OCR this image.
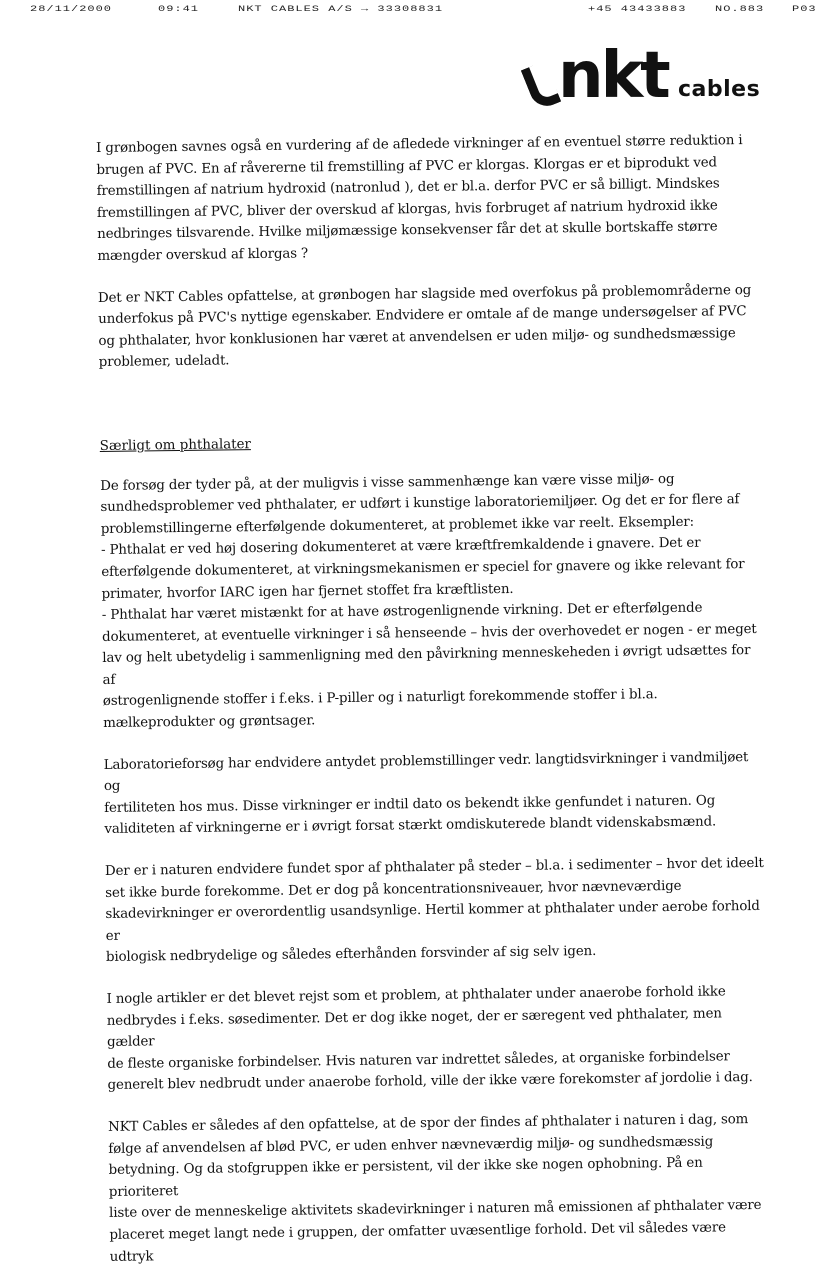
28/11/2000	09:41	NKT CABLES A/S → 33308831	+45 43433883 NO.883 P03
nkt cables

I grønbogen savnes også en vurdering af de afledede virkninger af en eventuel større reduktion i
brugen af PVC. En af råvererne til fremstilling af PVC er klorgas. Klorgas er et biprodukt ved
fremstillingen af natrium hydroxid (natronlud ), det er bl.a. derfor PVC er så billigt. Mindskes
fremstillingen af PVC, bliver der overskud af klorgas, hvis forbruget af natrium hydroxid ikke
nedbringes tilsvarende. Hvilke miljømæssige konsekvenser får det at skulle bortskaffe større
mængder overskud af klorgas ?

Det er NKT Cables opfattelse, at grønbogen har slagside med overfokus på problemområderne og
underfokus på PVC's nyttige egenskaber. Endvidere er omtale af de mange undersøgelser af PVC
og phthalater, hvor konklusionen har været at anvendelsen er uden miljø- og sundhedsmæssige
problemer, udeladt.

Særligt om phthalater

De forsøg der tyder på, at der muligvis i visse sammenhænge kan være visse miljø- og
sundhedsproblemer ved phthalater, er udført i kunstige laboratoriemiljøer. Og det er for flere af
problemstillingerne efterfølgende dokumenteret, at problemet ikke var reelt. Eksempler:
- Phthalat er ved høj dosering dokumenteret at være kræftfremkaldende i gnavere. Det er
efterfølgende dokumenteret, at virkningsmekanismen er speciel for gnavere og ikke relevant for
primater, hvorfor IARC igen har fjernet stoffet fra kræftlisten.
- Phthalat har været mistænkt for at have østrogenlignende virkning. Det er efterfølgende
dokumenteret, at eventuelle virkninger i så henseende – hvis der overhovedet er nogen - er meget
lav og helt ubetydelig i sammenligning med den påvirkning menneskeheden i øvrigt udsættes for af
østrogenlignende stoffer i f.eks. i P-piller og i naturligt forekommende stoffer i bl.a.
mælkeprodukter og grøntsager.

Laboratorieforsøg har endvidere antydet problemstillinger vedr. langtidsvirkninger i vandmiljøet og
fertiliteten hos mus. Disse virkninger er indtil dato os bekendt ikke genfundet i naturen. Og
validiteten af virkningerne er i øvrigt forsat stærkt omdiskuterede blandt videnskabsmænd.

Der er i naturen endvidere fundet spor af phthalater på steder – bl.a. i sedimenter – hvor det ideelt
set ikke burde forekomme. Det er dog på koncentrationsniveauer, hvor nævneværdige
skadevirkninger er overordentlig usandsynlige. Hertil kommer at phthalater under aerobe forhold er
biologisk nedbrydelige og således efterhånden forsvinder af sig selv igen.

I nogle artikler er det blevet rejst som et problem, at phthalater under anaerobe forhold ikke
nedbrydes i f.eks. søsedimenter. Det er dog ikke noget, der er særegent ved phthalater, men gælder
de fleste organiske forbindelser. Hvis naturen var indrettet således, at organiske forbindelser
generelt blev nedbrudt under anaerobe forhold, ville der ikke være forekomster af jordolie i dag.

NKT Cables er således af den opfattelse, at de spor der findes af phthalater i naturen i dag, som
følge af anvendelsen af blød PVC, er uden enhver nævneværdig miljø- og sundhedsmæssig
betydning. Og da stofgruppen ikke er persistent, vil der ikke ske nogen ophobning. På en prioriteret
liste over de menneskelige aktivitets skadevirkninger i naturen må emissionen af phthalater være
placeret meget langt nede i gruppen, der omfatter uvæsentlige forhold. Det vil således være udtryk
